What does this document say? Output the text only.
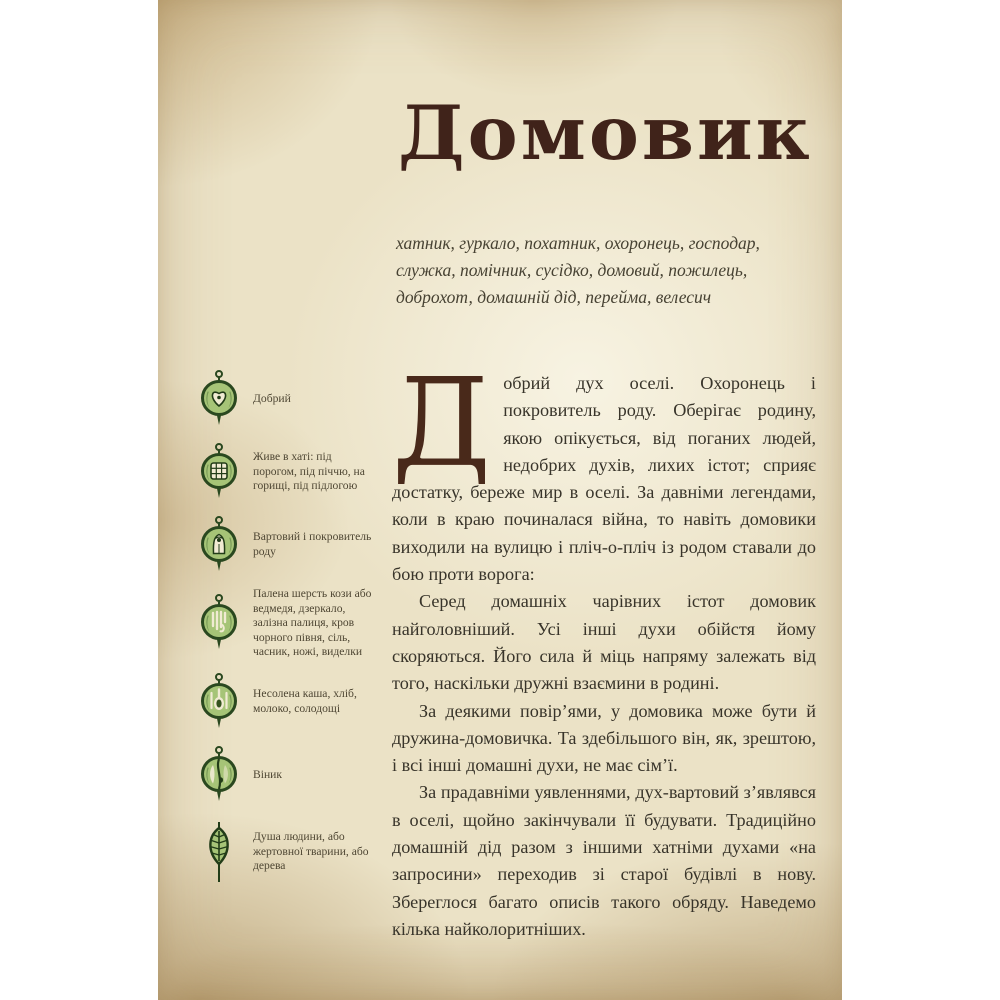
Домовик

хатник, гуркало, похатник, охоронець, господар, служка, помічник, сусідко, домовий, пожилець, доброхот, домашній дід, перейма, велесич

Добрий
Живе в хаті: під порогом, під піччю, на горищі, під підлогою
Вартовий і покровитель роду
Палена шерсть кози або ведмедя, дзеркало, залізна палиця, кров чорного півня, сіль, часник, ножі, виделки
Несолена каша, хліб, молоко, солодощі
Віник
Душа людини, або жертовної тварини, або дерева

Добрий дух оселі. Охоронець і покровитель роду. Оберігає родину, якою опікується, від поганих людей, недобрих духів, лихих істот; сприяє достатку, береже мир в оселі. За давніми легендами, коли в краю починалася війна, то навіть домовики виходили на вулицю і пліч-о-пліч із родом ставали до бою проти ворога:

Серед домашніх чарівних істот домовик найголовніший. Усі інші духи обійстя йому скоряються. Його сила й міць напряму залежать від того, наскільки дружні взаємини в родині.

За деякими повір’ями, у домовика може бути й дружина-домовичка. Та здебільшого він, як, зрештою, і всі інші домашні духи, не має сім’ї.

За прадавніми уявленнями, дух-вартовий з’являвся в оселі, щойно закінчували її будувати. Традиційно домашній дід разом з іншими хатніми духами «на запросини» переходив зі старої будівлі в нову. Збереглося багато описів такого обряду. Наведемо кілька найколоритніших.
